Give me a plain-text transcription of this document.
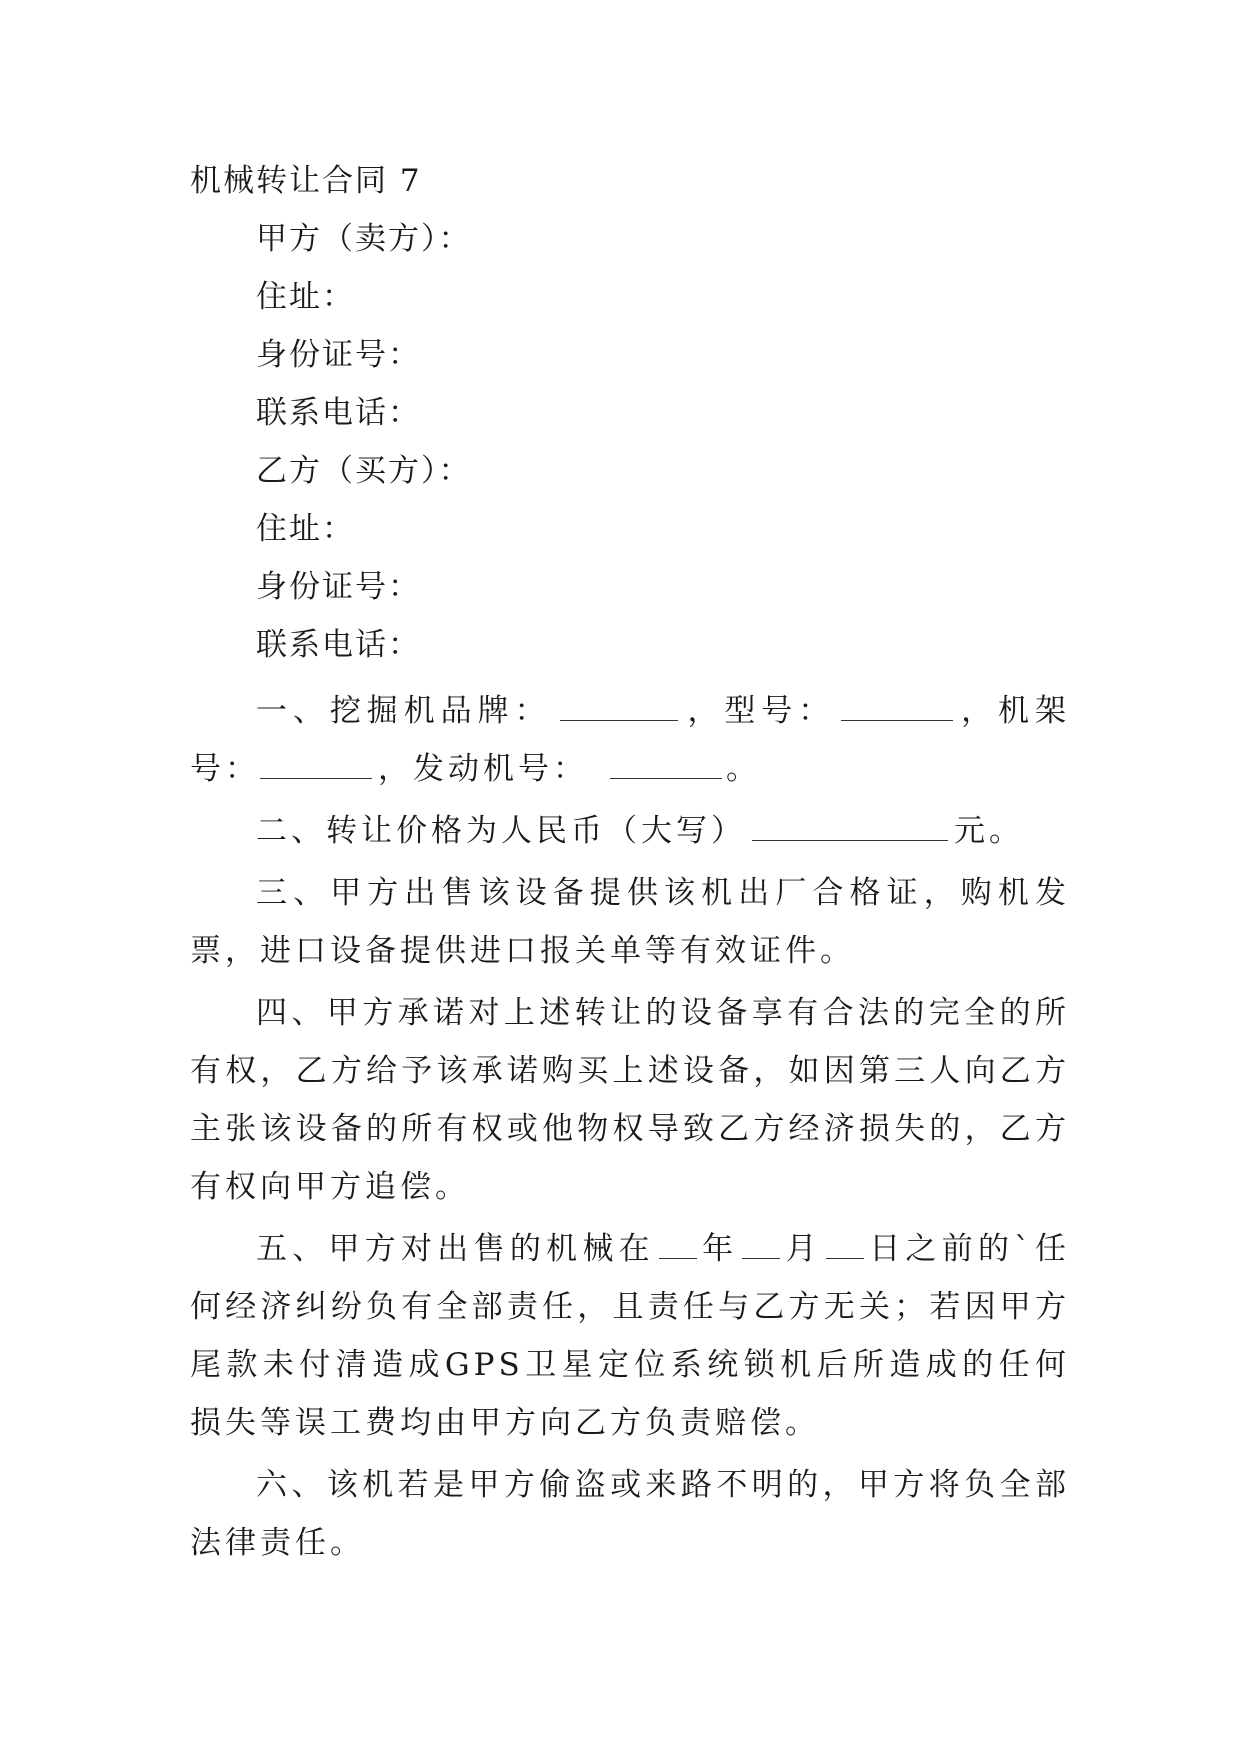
机械转让合同 7
甲方（卖方）：
住址：
身份证号：
联系电话：
乙方（买方）：
住址：
身份证号：
联系电话：

一、挖掘机品牌：	，型号：	，机架号：	，发动机号：	。

二、转让价格为人民币（大写）	元。

三、甲方出售该设备提供该机出厂合格证，购机发票，进口设备提供进口报关单等有效证件。

四、甲方承诺对上述转让的设备享有合法的完全的所有权，乙方给予该承诺购买上述设备，如因第三人向乙方主张该设备的所有权或他物权导致乙方经济损失的，乙方有权向甲方追偿。

五、甲方对出售的机械在 年 月 日之前的`任何经济纠纷负有全部责任，且责任与乙方无关；若因甲方尾款未付清造成GPS卫星定位系统锁机后所造成的任何损失等误工费均由甲方向乙方负责赔偿。

六、该机若是甲方偷盗或来路不明的，甲方将负全部法律责任。
